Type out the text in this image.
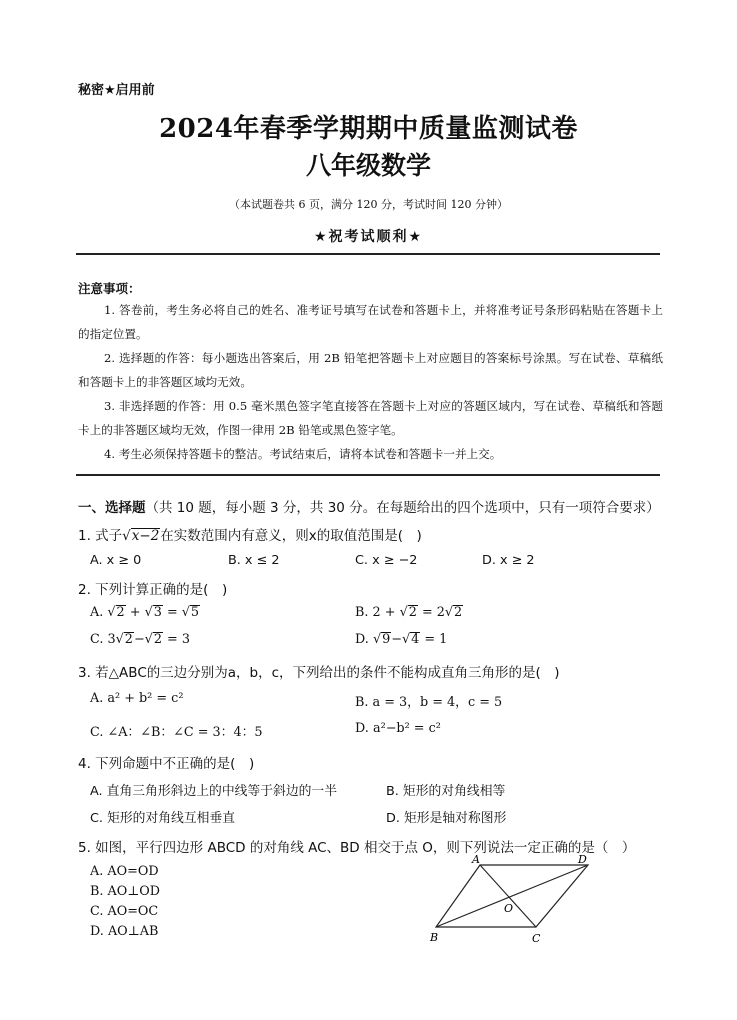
秘密★启用前
2024年春季学期期中质量监测试卷
八年级数学
（本试题卷共 6 页，满分 120 分，考试时间 120 分钟）
★祝考试顺利★
注意事项：
1. 答卷前，考生务必将自己的姓名、准考证号填写在试卷和答题卡上，并将准考证号条形码粘贴在答题卡上的指定位置。
2. 选择题的作答：每小题选出答案后，用 2B 铅笔把答题卡上对应题目的答案标号涂黑。写在试卷、草稿纸和答题卡上的非答题区域均无效。
3. 非选择题的作答：用 0.5 毫米黑色签字笔直接答在答题卡上对应的答题区域内，写在试卷、草稿纸和答题卡上的非答题区域均无效，作图一律用 2B 铅笔或黑色签字笔。
4. 考生必须保持答题卡的整洁。考试结束后，请将本试卷和答题卡一并上交。
一、选择题（共 10 题，每小题 3 分，共 30 分。在每题给出的四个选项中，只有一项符合要求）
1. 式子√x−2在实数范围内有意义，则x的取值范围是(　)
A. x ≥ 0	B. x ≤ 2	C. x ≥ −2	D. x ≥ 2
2. 下列计算正确的是(　)
A. √2 + √3 = √5	B. 2 + √2 = 2√2
C. 3√2−√2 = 3	D. √9−√4 = 1
3. 若△ABC的三边分别为a，b，c，下列给出的条件不能构成直角三角形的是(　)
A. a² + b² = c²	B. a = 3，b = 4，c = 5
C. ∠A：∠B：∠C = 3：4：5	D. a²−b² = c²
4. 下列命题中不正确的是(　)
A. 直角三角形斜边上的中线等于斜边的一半	B. 矩形的对角线相等
C. 矩形的对角线互相垂直	D. 矩形是轴对称图形
5. 如图，平行四边形 ABCD 的对角线 AC、BD 相交于点 O，则下列说法一定正确的是（　）
A. AO=OD
B. AO⊥OD
C. AO=OC
D. AO⊥AB
A	D
B	C
O
